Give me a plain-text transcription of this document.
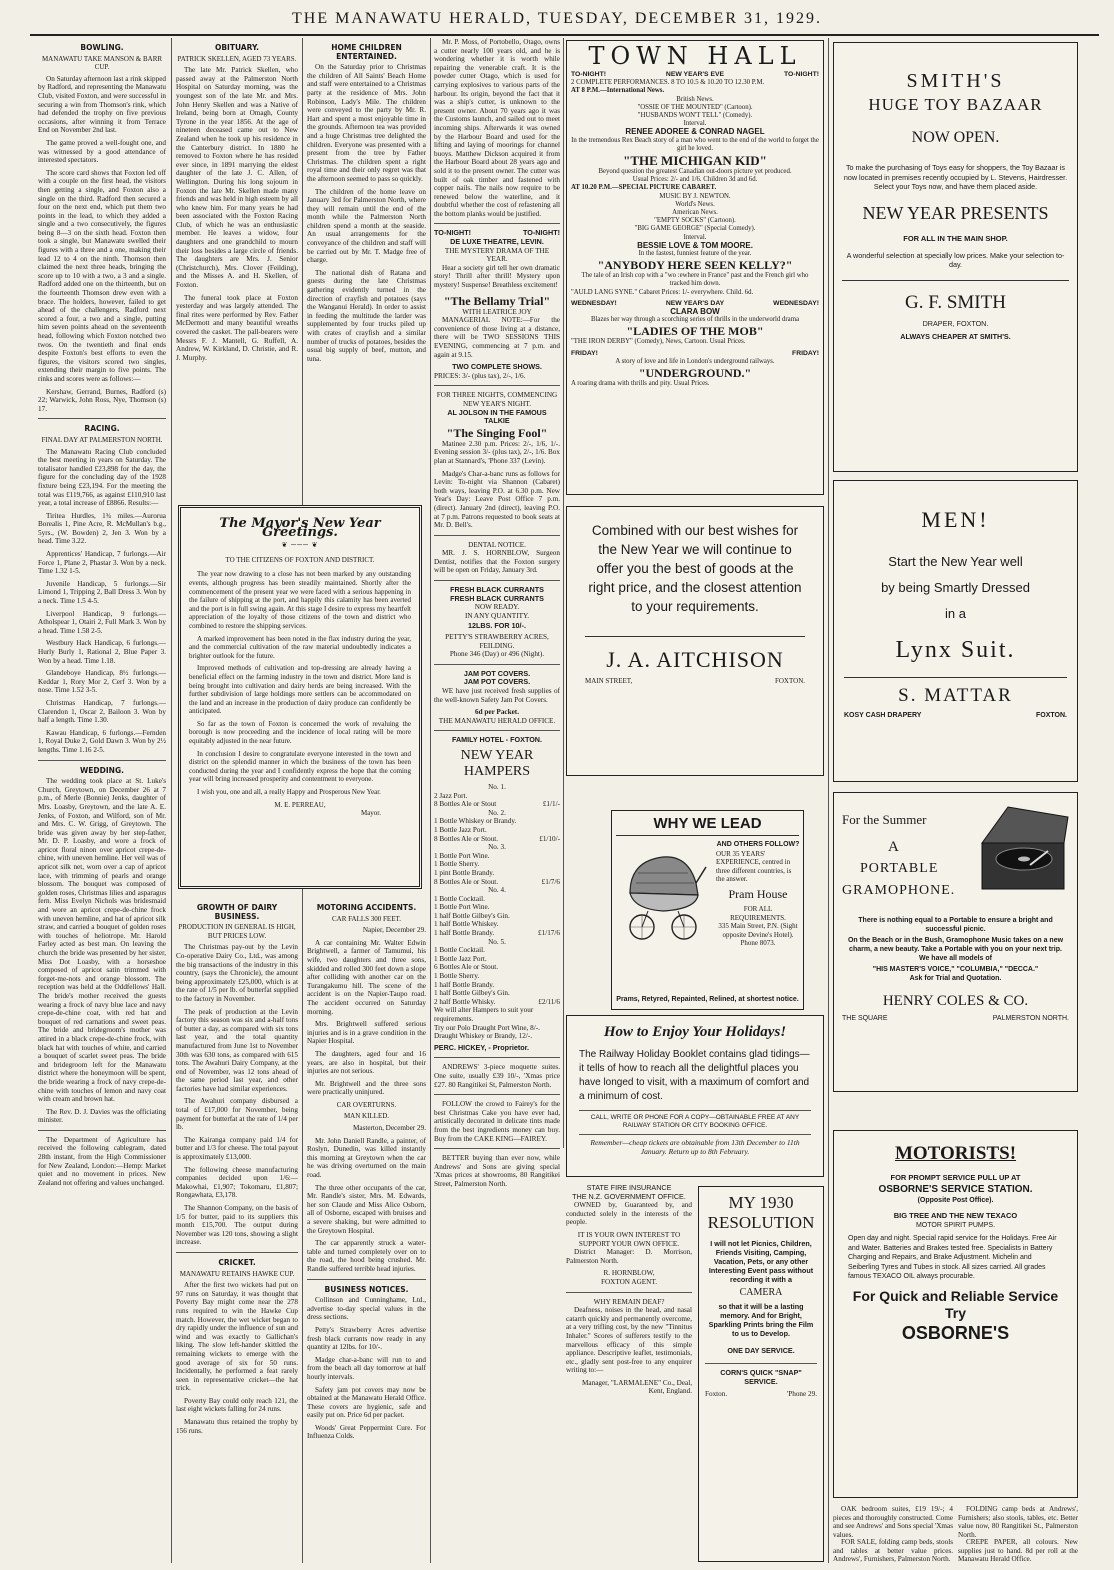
THE MANAWATU HERALD, TUESDAY, DECEMBER 31, 1929.
BOWLING.
MANAWATU TAKE MANSON & BARR CUP.

On Saturday afternoon last a rink skipped by Radford, and representing the Manawatu Club, visited Foxton, and were successful in securing a win from Thomson's rink, which had defended the trophy on five previous occasions, after winning it from Terrace End on November 2nd last.

The game proved a well-fought one, and was witnessed by a good attendance of interested spectators.

The score card shows that Foxton led off with a couple on the first head, the visitors then getting a single, and Foxton also a single on the third. Radford then secured a four on the next end, which put them two points in the lead, to which they added a single and a two consecutively, the figures being 8—3 on the sixth head. Foxton then took a single, but Manawatu swelled their figures with a three and a one, making their lead 12 to 4 on the ninth. Thomson then claimed the next three heads, bringing the score up to 10 with a two, a 3 and a single. Radford added one on the thirteenth, but on the fourteenth Thomson drew even with a brace. The holders, however, failed to get ahead of the challengers, Radford next scored a four, a two and a single, putting him seven points ahead on the seventeenth head, following which Foxton notched two twos. On the twentieth and final ends despite Foxton's best efforts to even the figures, the visitors scored two singles, extending their margin to five points. The rinks and scores were as follows:—

Kershaw, Gerrand, Burnes, Radford (s) 22; Warwick, John Ross, Nye, Thomson (s) 17.

RACING.
FINAL DAY AT PALMERSTON NORTH.

The Manawatu Racing Club concluded the best meeting in years on Saturday. The totalisator handled £23,898 for the day, the figure for the concluding day of the 1928 fixture being £23,194. For the meeting the total was £119,766, as against £110,910 last year, a total increase of £8866. Results:—

Tiritea Hurdles, 1¾ miles.—Aurorua Borealis 1, Pine Acre, R. McMullan's b.g., 5yrs., (W. Bowden) 2, Jen 3. Won by a head. Time 3.22.

Apprentices' Handicap, 7 furlongs.—Air Force 1, Plane 2, Phastar 3. Won by a neck. Time 1.32 1-5.

Juvenile Handicap, 5 furlongs.—Sir Limond 1, Tripping 2, Ball Dress 3. Won by a neck. Time 1.5 4-5.

Liverpool Handicap, 9 furlongs.—Atholspear 1, Otairi 2, Full Mark 3. Won by a head. Time 1.58 2-5.

Westbury Hack Handicap, 6 furlongs.—Hurly Burly 1, Rational 2, Blue Paper 3. Won by a head. Time 1.18.

Glandeboye Handicap, 8½ furlongs.—Keddar 1, Rory Mor 2, Cerf 3. Won by a nose. Time 1.52 3-5.

Christmas Handicap, 7 furlongs.—Clarendon 1, Oscar 2, Bailoon 3. Won by half a length. Time 1.30.

Kawau Handicap, 6 furlongs.—Fernden 1, Royal Duke 2, Gold Dawn 3. Won by 2½ lengths. Time 1.16 2-5.

WEDDING.

The wedding took place at St. Luke's Church, Greytown, on December 26 at 7 p.m., of Merle (Bonnie) Jenks, daughter of Mrs. Loasby, Greytown, and the late A. E. Jenks, of Foxton, and Wilford, son of Mr. and Mrs. C. W. Grigg, of Greytown. The bride was given away by her step-father, Mr. D. P. Loasby, and wore a frock of apricot floral ninon over apricot crepe-de-chine, with uneven hemline. Her veil was of apricot silk net, worn over a cap of apricot lace, with trimming of pearls and orange blossom. The bouquet was composed of golden roses, Christmas lilies and asparagus fern. Miss Evelyn Nichols was bridesmaid and wore an apricot crepe-de-chine frock with uneven hemline, and hat of apricot silk straw, and carried a bouquet of golden roses with touches of heliotrope. Mr. Harold Farley acted as best man. On leaving the church the bride was presented by her sister, Miss Dot Loasby, with a horseshoe composed of apricot satin trimmed with forget-me-nots and orange blossom. The reception was held at the Oddfellows' Hall. The bride's mother received the guests wearing a frock of navy blue lace and navy crepe-de-chine coat, with red hat and bouquet of red carnations and sweet peas. The bride and bridegroom's mother was attired in a black crepe-de-chine frock, with black hat with touches of white, and carried a bouquet of scarlet sweet peas. The bride and bridegroom left for the Manawatu district where the honeymoon will be spent, the bride wearing a frock of navy crepe-de-chine with touches of lemon and navy coat with cream and brown hat.

The Rev. D. J. Davies was the officiating minister.

The Department of Agriculture has received the following cablegram, dated 28th instant, from the High Commissioner for New Zealand, London:—Hemp: Market quiet and no movement in prices. New Zealand not offering and values unchanged.

OBITUARY.
PATRICK SKELLEN, AGED 73 YEARS.

The late Mr. Patrick Skellen, who passed away at the Palmerston North Hospital on Saturday morning, was the youngest son of the late Mr. and Mrs. John Henry Skellen and was a Native of Ireland, being born at Omagh, County Tyrone in the year 1856. At the age of nineteen deceased came out to New Zealand when he took up his residence in the Canterbury district. In 1880 he removed to Foxton where he has resided ever since, in 1891 marrying the eldest daughter of the late J. C. Allen, of Wellington. During his long sojourn in Foxton the late Mr. Skellen made many friends and was held in high esteem by all who knew him. For many years he had been associated with the Foxton Racing Club, of which he was an enthusiastic member. He leaves a widow, four daughters and one grandchild to mourn their loss besides a large circle of friends. The daughters are Mrs. J. Senior (Christchurch), Mrs. Clover (Feilding), and the Misses A. and H. Skellen, of Foxton.

The funeral took place at Foxton yesterday and was largely attended. The final rites were performed by Rev. Father McDermott and many beautiful wreaths covered the casket. The pall-bearers were Messrs F. J. Mantell, G. Ruffell, A. Andrew, W. Kirkland, D. Christie, and R. J. Murphy.

HOME CHILDREN ENTERTAINED.

On the Saturday prior to Christmas the children of All Saints' Beach Home and staff were entertained to a Christmas party at the residence of Mrs. John Robinson, Lady's Mile. The children were conveyed to the party by Mr. R. Hart and spent a most enjoyable time in the grounds. Afternoon tea was provided and a huge Christmas tree delighted the children. Everyone was presented with a present from the tree by Father Christmas. The children spent a right royal time and their only regret was that the afternoon seemed to pass so quickly.

The children of the home leave on January 3rd for Palmerston North, where they will remain until the end of the month while the Palmerston North children spend a month at the seaside. An usual arrangements for the conveyance of the children and staff will be carried out by Mr. T. Madge free of charge.

The national dish of Ratana and guests during the late Christmas gathering evidently turned in the direction of crayfish and potatoes (says the Wanganui Herald). In order to assist in feeding the multitude the larder was supplemented by four trucks piled up with crates of crayfish and a similar number of trucks of potatoes, besides the usual big supply of beef, mutton, and tuna.

The Mayor's New Year Greetings.
❦ ─── ❦
TO THE CITIZENS OF FOXTON AND DISTRICT.

The year now drawing to a close has not been marked by any outstanding events, although progress has been steadily maintained. Shortly after the commencement of the present year we were faced with a serious happening in the failure of shipping at the port, and happily this calamity has been averted and the port is in full swing again. At this stage I desire to express my heartfelt appreciation of the loyalty of those citizens of the town and district who combined to restore the shipping services.

A marked improvement has been noted in the flax industry during the year, and the commercial cultivation of the raw material undoubtedly indicates a brighter outlook for the future.

Improved methods of cultivation and top-dressing are already having a beneficial effect on the farming industry in the town and district. More land is being brought into cultivation and dairy herds are being increased. With the further subdivision of large holdings more settlers can be accommodated on the land and an increase in the production of dairy produce can confidently be anticipated.

So far as the town of Foxton is concerned the work of revaluing the borough is now proceeding and the incidence of local rating will be more equitably adjusted in the near future.

In conclusion I desire to congratulate everyone interested in the town and district on the splendid manner in which the business of the town has been conducted during the year and I confidently express the hope that the coming year will bring increased prosperity and contentment to everyone.

I wish you, one and all, a really Happy and Prosperous New Year.

M. E. PERREAU,
Mayor.
GROWTH OF DAIRY BUSINESS.
PRODUCTION IN GENERAL IS HIGH, BUT PRICES LOW.

The Christmas pay-out by the Levin Co-operative Dairy Co., Ltd., was among the big transactions of the industry in this country, (says the Chronicle), the amount being approximately £25,000, which is at the rate of 1/5 per lb. of butterfat supplied to the factory in November.

The peak of production at the Levin factory this season was six and a-half tons of butter a day, as compared with six tons last year, and the total quantity manufactured from June 1st to November 30th was 630 tons, as compared with 615 tons. The Awahuri Dairy Company, at the end of November, was 12 tons ahead of the same period last year, and other factories have had similar experiences.

The Awahuri company disbursed a total of £17,000 for November, being payment for butterfat at the rate of 1/4 per lb.

The Kairanga company paid 1/4 for butter and 1/3 for cheese. The total payout is approximately £13,000.

The following cheese manufacturing companies decided upon 1/6:—Makowhai, £1,907; Tokomaru, £1,807; Rongawhata, £3,178.

The Shannon Company, on the basis of 1/5 for butter, paid to its suppliers this month £15,700. The output during November was 120 tons, showing a slight increase.

CRICKET.
MANAWATU RETAINS HAWKE CUP.

After the first two wickets had put on 97 runs on Saturday, it was thought that Poverty Bay might come near the 278 runs required to win the Hawke Cup match. However, the wet wicket began to dry rapidly under the influence of sun and wind and was exactly to Gallichan's liking. The slow left-hander skittled the remaining wickets to emerge with the good average of six for 50 runs. Incidentally, he performed a feat rarely seen in representative cricket—the hat trick.

Poverty Bay could only reach 121, the last eight wickets falling for 24 runs.

Manawatu thus retained the trophy by 156 runs.

MOTORING ACCIDENTS.
CAR FALLS 300 FEET.

Napier, December 29.

A car containing Mr. Walter Edwin Brightwell, a farmer of Tamumui, his wife, two daughters and three sons, skidded and rolled 300 feet down a slope after colliding with another car on the Turangakumu hill. The scene of the accident is on the Napier-Taupo road. The accident occurred on Saturday morning.

Mrs. Brightwell suffered serious injuries and is in a grave condition in the Napier Hospital.

The daughters, aged four and 16 years, are also in hospital, but their injuries are not serious.

Mr. Brightwell and the three sons were practically uninjured.

CAR OVERTURNS.
MAN KILLED.

Masterton, December 29.

Mr. John Daniell Randle, a painter, of Roslyn, Dunedin, was killed instantly this morning at Greytown when the car he was driving overturned on the main road.

The three other occupants of the car, Mr. Randle's sister, Mrs. M. Edwards, her son Claude and Miss Alice Osborn, all of Osborne, escaped with bruises and a severe shaking, but were admitted to the Greytown Hospital.

The car apparently struck a water-table and turned completely over on to the road, the hood being crushed. Mr. Randle suffered terrible head injuries.

BUSINESS NOTICES.

Collinson and Cunninghame, Ltd., advertise to-day special values in the dress sections.

Petty's Strawberry Acres advertise fresh black currants now ready in any quantity at 12lbs. for 10/-.

Madge char-a-banc will run to and from the beach all day tomorrow at half hourly intervals.

Safety jam pot covers may now be obtained at the Manawatu Herald Office. These covers are hygienic, safe and easily put on. Price 6d per packet.

Woods' Great Peppermint Cure. For Influenza Colds.

Mr. P. Moss, of Portobello, Otago, owns a cutter nearly 100 years old, and he is wondering whether it is worth while repairing the venerable craft. It is the powder cutter Otago, which is used for carrying explosives to various parts of the harbour. Its origin, beyond the fact that it was a ship's cutter, is unknown to the present owner. About 70 years ago it was the Customs launch, and sailed out to meet incoming ships. Afterwards it was owned by the Harbour Board and used for the lifting and laying of moorings for channel buoys. Matthew Dickson acquired it from the Harbour Board about 28 years ago and sold it to the present owner. The cutter was built of oak timber and fastened with copper nails. The nails now require to be renewed below the waterline, and it doubtful whether the cost of refastening all the bottom planks would be justified.

TO-NIGHT!	TO-NIGHT!
DE LUXE THEATRE, LEVIN.
THE MYSTERY DRAMA OF THE YEAR.

Hear a society girl tell her own dramatic story! Thrill after thrill! Mystery upon mystery! Suspense! Breathless excitement!

"The Bellamy Trial"
WITH LEATRICE JOY

MANAGERIAL NOTE:—For the convenience of those living at a distance, there will be TWO SESSIONS THIS EVENING, commencing at 7 p.m. and again at 9.15.

TWO COMPLETE SHOWS.
PRICES: 3/- (plus tax), 2/-, 1/6.
FOR THREE NIGHTS, COMMENCING NEW YEAR'S NIGHT.
AL JOLSON IN THE FAMOUS TALKIE
"The Singing Fool"

Matinee 2.30 p.m. Prices: 2/-, 1/6, 1/-. Evening session 3/- (plus tax), 2/-, 1/6. Box plan at Stannard's, 'Phone 337 (Levin).

Madge's Char-a-banc runs as follows for Levin: To-night via Shannon (Cabaret) both ways, leaving P.O. at 6.30 p.m. New Year's Day: Leave Post Office 7 p.m. (direct). January 2nd (direct), leaving P.O. at 7 p.m. Patrons requested to book seats at Mr. D. Bell's.

DENTAL NOTICE.

MR. J. S. HORNBLOW, Surgeon Dentist, notifies that the Foxton surgery will be open on Friday, January 3rd.

FRESH BLACK CURRANTS
FRESH BLACK CURRANTS
NOW READY.
IN ANY QUANTITY.
12LBS. FOR 10/-.
PETTY'S STRAWBERRY ACRES, FEILDING.
Phone 346 (Day) or 496 (Night).
JAM POT COVERS.
JAM POT COVERS.

WE have just received fresh supplies of the well-known Safety Jam Pot Covers.

6d per Packet.
THE MANAWATU HERALD OFFICE.
FAMILY HOTEL - FOXTON.
NEW YEAR HAMPERS
No. 1.
2 Jazz Port.
8 Bottles Ale or Stout	£1/1/-
No. 2.
1 Bottle Whiskey or Brandy.
1 Bottle Jazz Port.
8 Bottles Ale or Stout.	£1/10/-
No. 3.
1 Bottle Port Wine.
1 Bottle Sherry.
1 pint Bottle Brandy.
8 Bottles Ale or Stout.	£1/7/6
No. 4.
1 Bottle Cocktail.
1 Bottle Port Wine.
1 half Bottle Gilbey's Gin.
1 half Bottle Whiskey.
1 half Bottle Brandy.	£1/17/6
No. 5.
1 Bottle Cocktail.
1 Bottle Jazz Port.
6 Bottles Ale or Stout.
1 Bottle Sherry.
1 half Bottle Brandy.
1 half Bottle Gilbey's Gin.
2 half Bottle Whisky.	£2/11/6
We will alter Hampers to suit your requirements.
Try our Polo Draught Port Wine, 8/-.
Draught Whiskey or Brandy, 12/-.
PERC. HICKEY, - Proprietor.

ANDREWS' 3-piece moquette suites. One suite, usually £39 10/-, 'Xmas price £27. 80 Rangitikei St, Palmerston North.

FOLLOW the crowd to Fairey's for the best Christmas Cake you have ever had, artistically decorated in delicate tints made from the best ingredients money can buy. Buy from the CAKE KING—FAIREY.

BETTER buying than ever now, while Andrews' and Sons are giving special 'Xmas prices at showrooms, 80 Rangitikei Street, Palmerston North.

TOWN HALL
TO-NIGHT!	NEW YEAR'S EVE	TO-NIGHT!
2 COMPLETE PERFORMANCES. 8 TO 10.5 & 10.20 TO 12.30 P.M.
AT 8 P.M.—International News.
British News.
"OSSIE OF THE MOUNTED" (Cartoon).
"HUSBANDS WON'T TELL" (Comedy).
Interval.
RENEE ADOREE & CONRAD NAGEL
In the tremendous Rex Beach story of a man who went to the end of the world to forget the girl he loved.
"THE MICHIGAN KID"
Beyond question the greatest Canadian out-doors picture yet produced.
Usual Prices: 2/- and 1/6. Children 3d and 6d.
AT 10.20 P.M.—SPECIAL PICTURE CABARET.
MUSIC BY J. NEWTON.
World's News.
American News.
"EMPTY SOCKS" (Cartoon).
"BIG GAME GEORGE" (Special Comedy).
Interval.
BESSIE LOVE & TOM MOORE.
In the fastest, funniest feature of the year.
"ANYBODY HERE SEEN KELLY?"
The tale of an Irish cop with a "wo :ewhere in France" past and the French girl who tracked him down.
"AULD LANG SYNE." Cabaret Prices: 1/- everywhere. Child. 6d.
WEDNESDAY!	NEW YEAR'S DAY	WEDNESDAY!
CLARA BOW
Blazes her way through a scorching series of thrills in the underworld drama
"LADIES OF THE MOB"
"THE IRON DERBY" (Comedy), News, Cartoon. Usual Prices.
FRIDAY!	FRIDAY!
A story of love and life in London's underground railways.
"UNDERGROUND."
A roaring drama with thrills and pity. Usual Prices.
Combined with our best wishes for the New Year we will continue to offer you the best of goods at the right price, and the closest attention to your requirements.
J. A. AITCHISON
MAIN STREET,	FOXTON.
WHY WE LEAD
AND OTHERS FOLLOW?
OUR 35 YEARS' EXPERIENCE, centred in three different countries, is the answer.
Pram House
FOR ALL REQUIREMENTS.
335 Main Street, P.N. (Sight opposite Devine's Hotel). Phone 8073.
Prams, Retyred, Repainted, Relined, at shortest notice.
How to Enjoy Your Holidays!
The Railway Holiday Booklet contains glad tidings—it tells of how to reach all the delightful places you have longed to visit, with a maximum of comfort and a minimum of cost.
CALL, WRITE OR PHONE FOR A COPY—OBTAINABLE FREE AT ANY RAILWAY STATION OR CITY BOOKING OFFICE.
Remember—cheap tickets are obtainable from 13th December to 11th January. Return up to 8th February.
STATE FIRE INSURANCE
THE N.Z. GOVERNMENT OFFICE.

OWNED by, Guaranteed by, and conducted solely in the interests of the people.

IT IS YOUR OWN INTEREST TO SUPPORT YOUR OWN OFFICE.

District Manager: D. Morrison, Palmerston North.

R. HORNBLOW,
FOXTON AGENT.
WHY REMAIN DEAF?

Deafness, noises in the head, and nasal catarrh quickly and permanently overcome, at a very trifling cost, by the new "Tinnitus Inhaler." Scores of sufferers testify to the marvellous efficacy of this simple appliance. Descriptive leaflet, testimonials, etc., gladly sent post-free to any enquirer writing to:—

Manager, "LARMALENE" Co., Deal, Kent, England.
MY 1930
RESOLUTION
I will not let Picnics, Children, Friends Visiting, Camping, Vacation, Pets, or any other Interesting Event pass without recording it with a
CAMERA
so that it will be a lasting memory. And for Bright, Sparkling Prints bring the Film to us to Develop.
ONE DAY SERVICE.
CORN'S QUICK "SNAP" SERVICE.
Foxton.	'Phone 29.
SMITH'S
HUGE TOY BAZAAR
NOW OPEN.
To make the purchasing of Toys easy for shoppers, the Toy Bazaar is now located in premises recently occupied by L. Stevens, Hairdresser. Select your Toys now, and have them placed aside.
NEW YEAR PRESENTS
FOR ALL IN THE MAIN SHOP.
A wonderful selection at specially low prices. Make your selection to-day.
G. F. SMITH
DRAPER, FOXTON.
ALWAYS CHEAPER AT SMITH'S.
MEN!
Start the New Year well
by being Smartly Dressed
in a
Lynx Suit.
S. MATTAR
KOSY CASH DRAPERY	FOXTON.
For the Summer
A
PORTABLE
GRAMOPHONE.
There is nothing equal to a Portable to ensure a bright and successful picnic.
On the Beach or in the Bush, Gramophone Music takes on a new charm, a new beauty. Take a Portable with you on your next trip.
We have all models of
"HIS MASTER'S VOICE," "COLUMBIA," "DECCA."
Ask for Trial and Quotation.
HENRY COLES & CO.
THE SQUARE	PALMERSTON NORTH.
MOTORISTS!
FOR PROMPT SERVICE PULL UP AT
OSBORNE'S SERVICE STATION.
(Opposite Post Office).
BIG TREE AND THE NEW TEXACO
MOTOR SPIRIT PUMPS.
Open day and night. Special rapid service for the Holidays. Free Air and Water. Batteries and Brakes tested free. Specialists in Battery Charging and Repairs, and Brake Adjustment. Michelin and Seiberling Tyres and Tubes in stock. All sizes carried. All grades famous TEXACO OIL always procurable.
For Quick and Reliable Service Try
OSBORNE'S

OAK bedroom suites, £19 19/-; 4 pieces and thoroughly constructed. Come and see Andrews' and Sons special 'Xmas values.

FOLDING camp beds at Andrews', Furnishers; also stools, tables, etc. Better value now, 80 Rangitikei St., Palmerston North.

FOR SALE, folding camp beds, stools and tables at better value prices. Andrews', Furnishers, Palmerston North.

CREPE PAPER, all colours. New supplies just to hand. 8d per roll at the Manawatu Herald Office.
